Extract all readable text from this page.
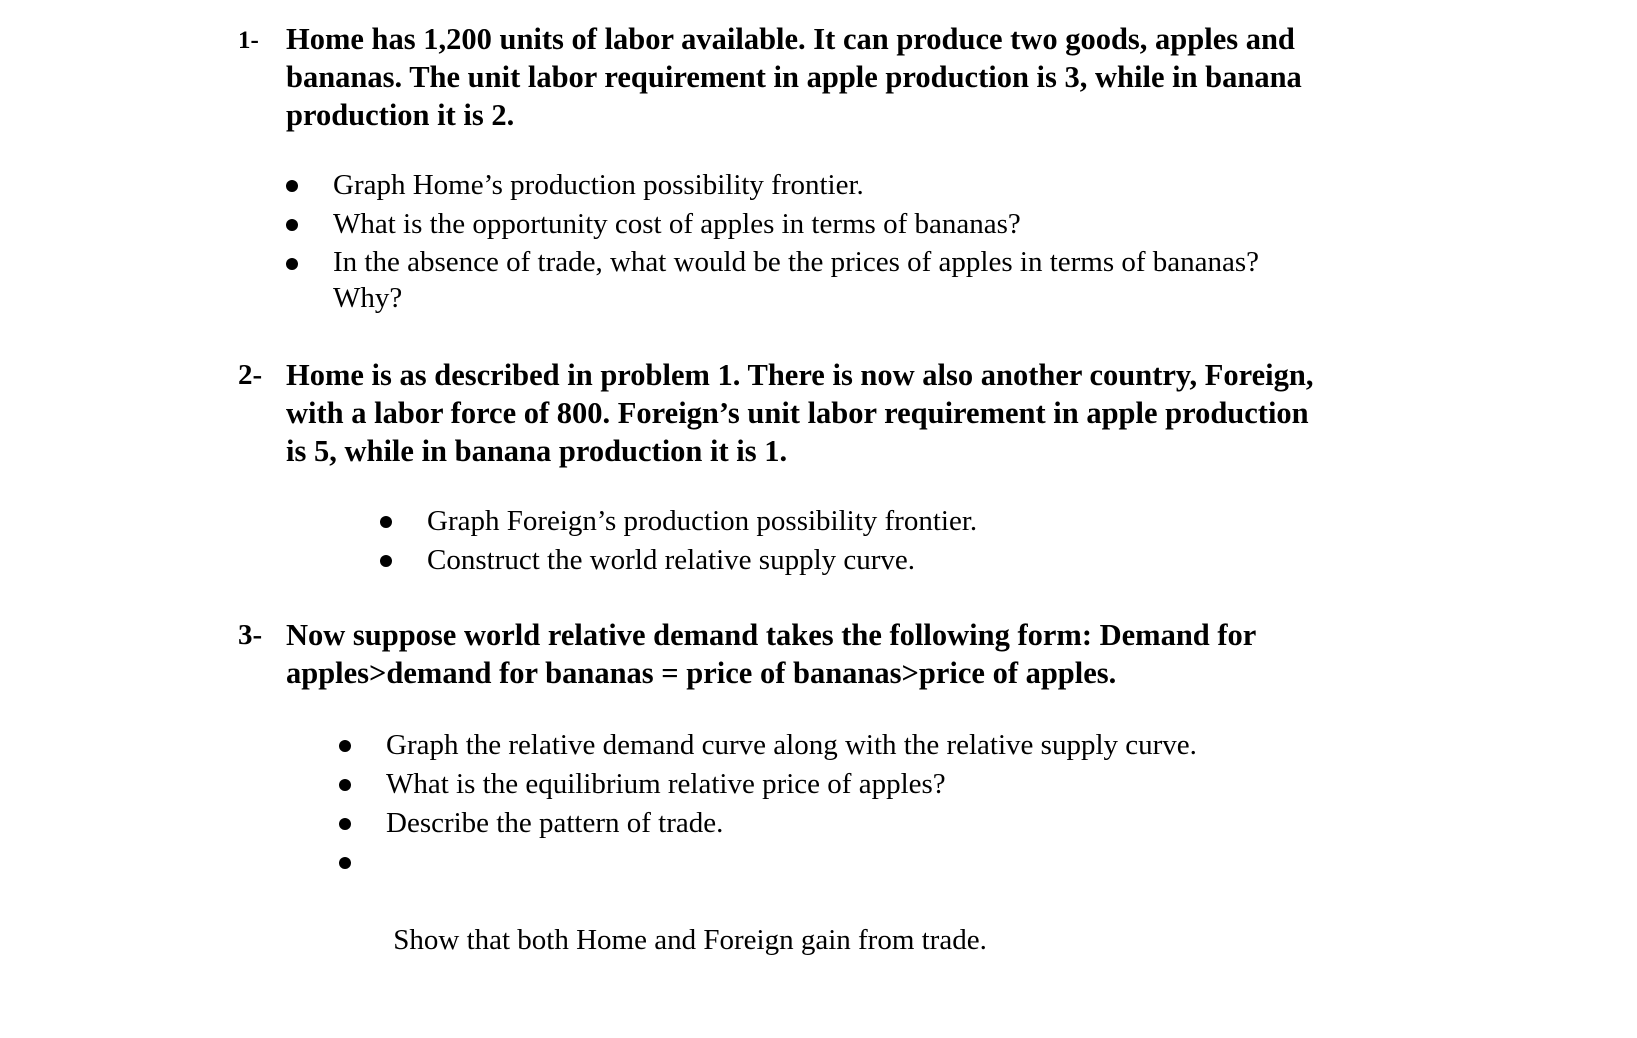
1- Home has 1,200 units of labor available. It can produce two goods, apples and
bananas. The unit labor requirement in apple production is 3, while in banana
production it is 2.
Graph Home’s production possibility frontier.
What is the opportunity cost of apples in terms of bananas?
In the absence of trade, what would be the prices of apples in terms of bananas?
Why?
2- Home is as described in problem 1. There is now also another country, Foreign,
with a labor force of 800. Foreign’s unit labor requirement in apple production
is 5, while in banana production it is 1.
Graph Foreign’s production possibility frontier.
Construct the world relative supply curve.
3- Now suppose world relative demand takes the following form: Demand for
apples>demand for bananas = price of bananas>price of apples.
Graph the relative demand curve along with the relative supply curve.
What is the equilibrium relative price of apples?
Describe the pattern of trade.

Show that both Home and Foreign gain from trade.
